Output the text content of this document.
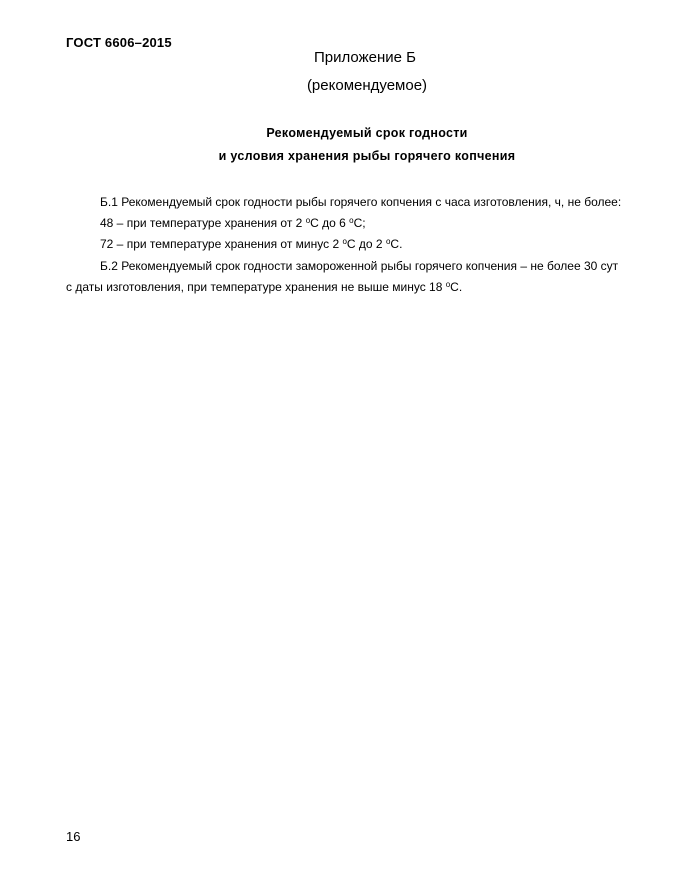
ГОСТ 6606–2015
Приложение Б
(рекомендуемое)
Рекомендуемый срок годности
и условия хранения рыбы горячего копчения
Б.1 Рекомендуемый срок годности рыбы горячего копчения с часа изготовления, ч, не более:
48 – при температуре хранения от 2 $^о$С до 6 $^о$С;
72 – при температуре хранения от минус 2 $^о$С до 2 $^о$С.
Б.2 Рекомендуемый срок годности замороженной рыбы горячего копчения – не более 30 сут
с даты изготовления, при температуре хранения не выше минус 18 $^о$С.
16
